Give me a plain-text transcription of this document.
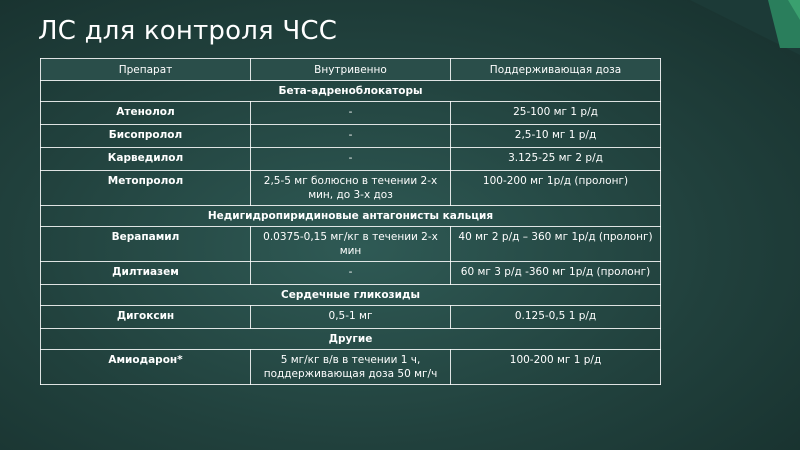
ЛС для контроля ЧСС
Препарат	Внутривенно	Поддерживающая доза
Бета-адреноблокаторы		
Атенолол	-	25-100 мг 1 р/д
Бисопролол	-	2,5-10 мг 1 р/д
Карведилол	-	3.125-25 мг 2 р/д
Метопролол	2,5-5 мг болюсно в течении 2-х мин, до 3-х доз	100-200 мг 1р/д (пролонг)
Недигидропиридиновые антагонисты кальция		
Верапамил	0.0375-0,15 мг/кг в течении 2-х мин	40 мг 2 р/д – 360 мг 1р/д (пролонг)
Дилтиазем	-	60 мг 3 р/д -360 мг 1р/д (пролонг)
Сердечные гликозиды		
Дигоксин	0,5-1 мг	0.125-0,5 1 р/д
Другие		
Амиодарон*	5 мг/кг в/в в течении 1 ч, поддерживающая доза 50 мг/ч	100-200 мг 1 р/д
